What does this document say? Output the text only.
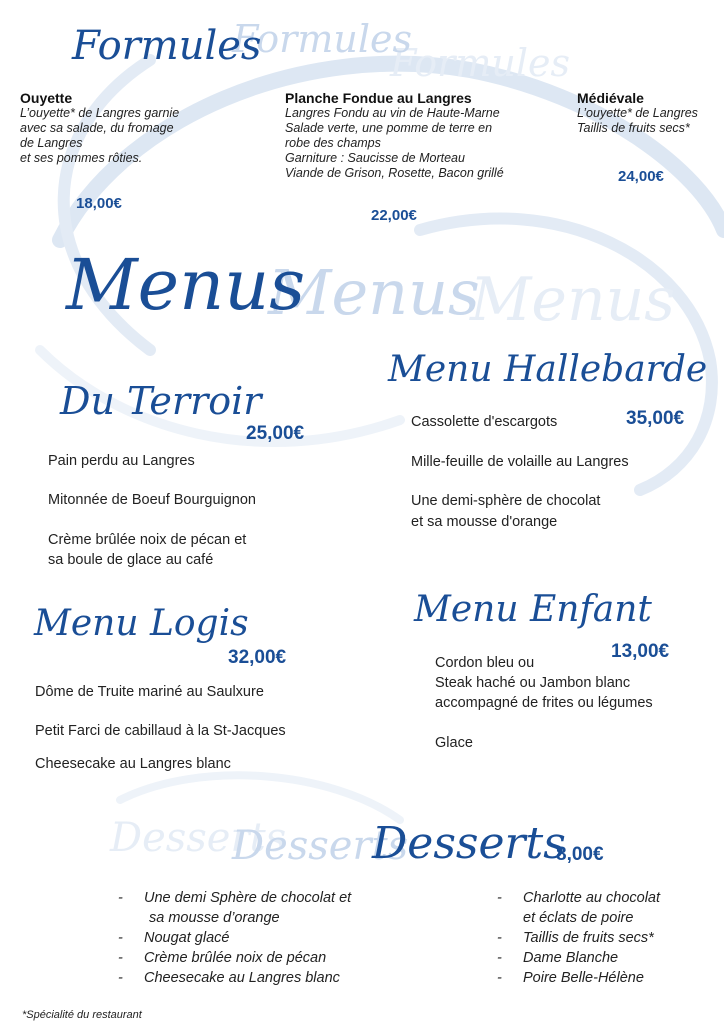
Formules
Formules
Formules
Ouyette
L’ouyette* de Langres garnie
avec sa salade, du fromage
de Langres
et ses pommes rôties.
18,00€
Planche Fondue au Langres
Langres Fondu au vin de Haute-Marne
Salade verte, une pomme de terre en
robe des champs
Garniture : Saucisse de Morteau
Viande de Grison, Rosette, Bacon grillé
22,00€
Médiévale
L’ouyette* de Langres
Taillis de fruits secs*
24,00€
Menus
Menus
Menus
Du Terroir
25,00€
Pain perdu au Langres
Mitonnée de Boeuf Bourguignon
Crème brûlée noix de pécan et
sa boule de glace au café
Menu Hallebarde
35,00€
Cassolette d'escargots
Mille-feuille de volaille au Langres
Une demi-sphère de chocolat
et sa mousse d'orange
Menu Logis
32,00€
Dôme de Truite mariné au Saulxure
Petit Farci de cabillaud à la St-Jacques
Cheesecake au Langres blanc
Menu Enfant
13,00€
Cordon bleu ou
Steak haché ou Jambon blanc
accompagné de frites ou légumes
Glace
Desserts
Desserts
Desserts
8,00€
- Une demi Sphère de chocolat et
sa mousse d’orange
- Nougat glacé
- Crème brûlée noix de pécan
- Cheesecake au Langres blanc
- Charlotte au chocolat
et éclats de poire
- Taillis de fruits secs*
- Dame Blanche
- Poire Belle-Hélène
*Spécialité du restaurant
